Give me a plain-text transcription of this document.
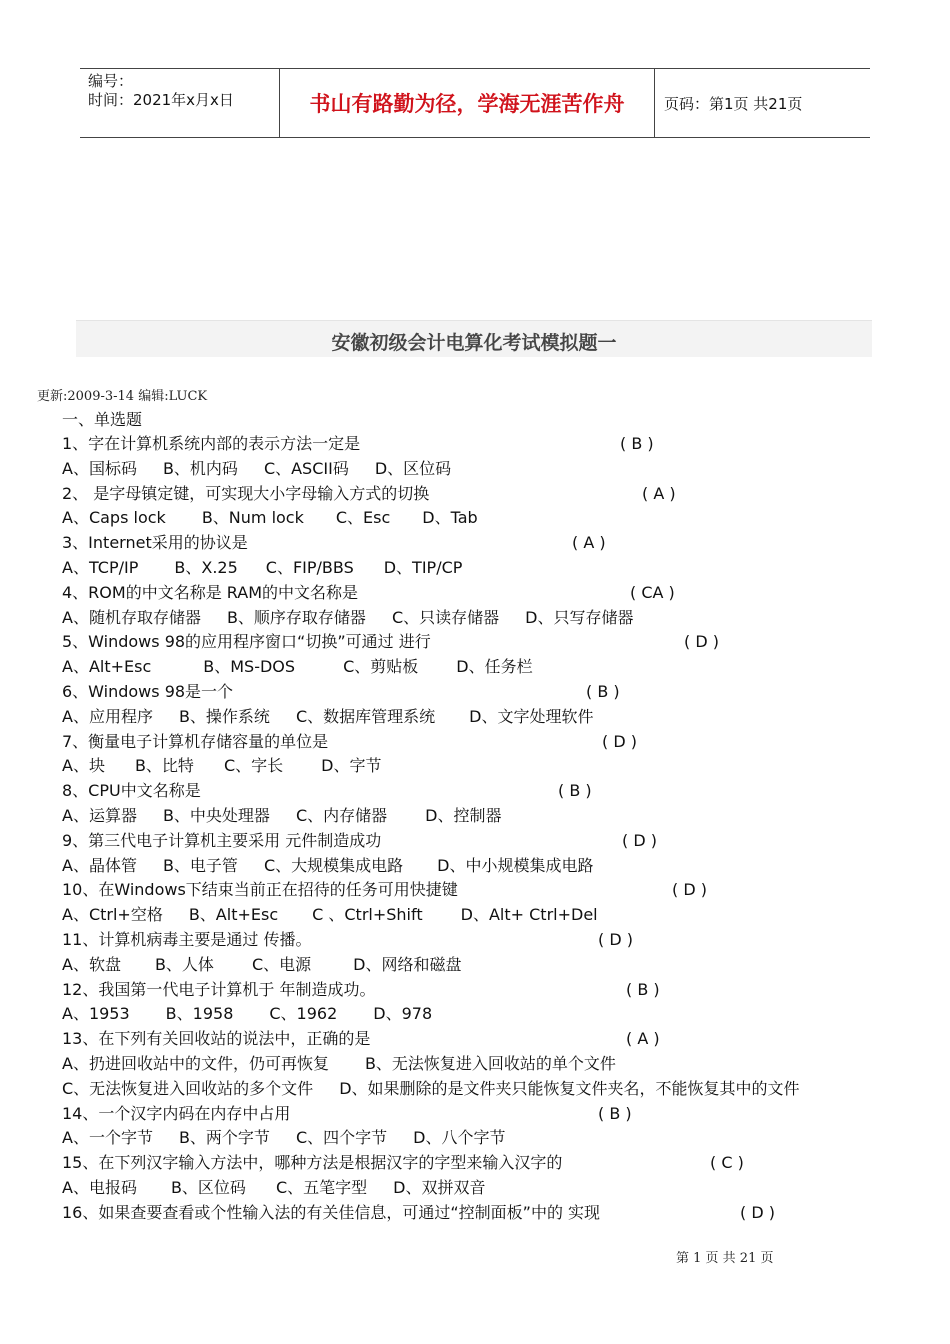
编号：
时间：2021年x月x日	书山有路勤为径，学海无涯苦作舟	页码：第1页 共21页
安徽初级会计电算化考试模拟题一
更新:2009-3-14 编辑:LUCK
一、单选题
1、字在计算机系统内部的表示方法一定是	( B )
A、国标码 B、机内码 C、ASCII码 D、区位码
2、 是字母镇定键，可实现大小字母输入方式的切换	( A )
A、Caps lock B、Num lock C、Esc D、Tab
3、Internet采用的协议是	( A )
A、TCP/IP B、X.25 C、FIP/BBS D、TIP/CP
4、ROM的中文名称是 RAM的中文名称是	( CA )
A、随机存取存储器 B、顺序存取存储器 C、只读存储器 D、只写存储器
5、Windows 98的应用程序窗口“切换”可通过 进行	( D )
A、Alt+Esc	B、MS-DOS	C、剪贴板 D、任务栏
6、Windows 98是一个	( B )
A、应用程序 B、操作系统 C、数据库管理系统 D、文字处理软件
7、衡量电子计算机存储容量的单位是	( D )
A、块 B、比特 C、字长 D、字节
8、CPU中文名称是	( B )
A、运算器 B、中央处理器 C、内存储器 D、控制器
9、第三代电子计算机主要采用 元件制造成功	( D )
A、晶体管 B、电子管 C、大规模集成电路 D、中小规模集成电路
10、在Windows下结束当前正在招待的任务可用快捷键	( D )
A、Ctrl+空格 B、Alt+Esc C 、Ctrl+Shift D、Alt+ Ctrl+Del
11、计算机病毒主要是通过 传播。	( D )
A、软盘 B、人体 C、电源	D、网络和磁盘
12、我国第一代电子计算机于 年制造成功。	( B )
A、1953 B、1958 C、1962 D、978
13、在下列有关回收站的说法中，正确的是	( A )
A、扔进回收站中的文件，仍可再恢复 B、无法恢复进入回收站的单个文件
C、无法恢复进入回收站的多个文件 D、如果删除的是文件夹只能恢复文件夹名，不能恢复其中的文件
14、一个汉字内码在内存中占用	( B )
A、一个字节 B、两个字节 C、四个字节 D、八个字节
15、在下列汉字输入方法中，哪种方法是根据汉字的字型来输入汉字的	( C )
A、电报码 B、区位码 C、五笔字型 D、双拼双音
16、如果查要查看或个性输入法的有关佳信息，可通过“控制面板”中的 实现	( D )
第 1 页 共 21 页
